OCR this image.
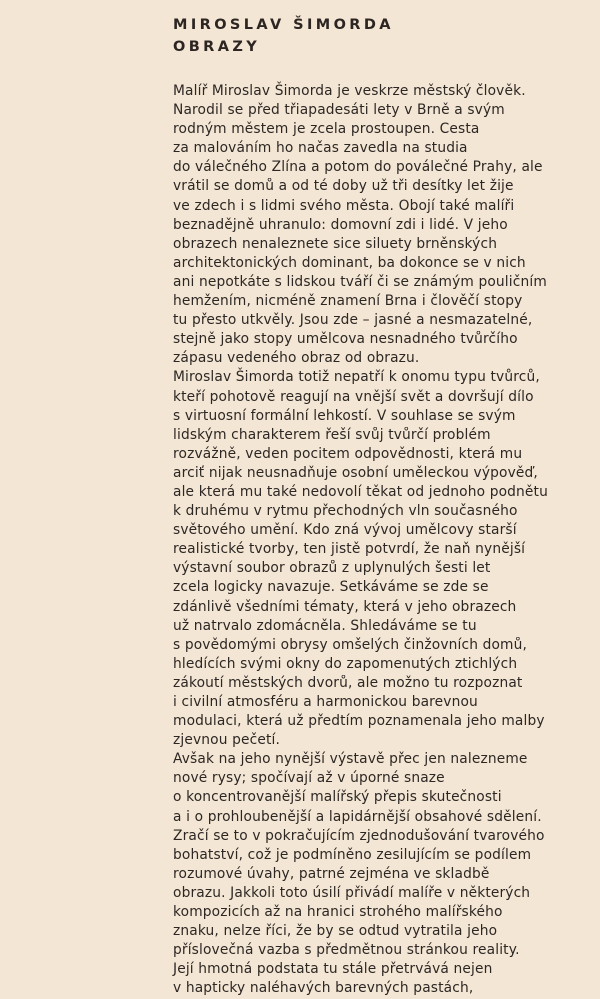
MIROSLAV ŠIMORDA
OBRAZY
Malíř Miroslav Šimorda je veskrze městský člověk.
Narodil se před třiapadesáti lety v Brně a svým
rodným městem je zcela prostoupen. Cesta
za malováním ho načas zavedla na studia
do válečného Zlína a potom do poválečné Prahy, ale
vrátil se domů a od té doby už tři desítky let žije
ve zdech i s lidmi svého města. Obojí také malíři
beznadějně uhranulo: domovní zdi i lidé. V jeho
obrazech nenaleznete sice siluety brněnských
architektonických dominant, ba dokonce se v nich
ani nepotkáte s lidskou tváří či se známým pouličním
hemžením, nicméně znamení Brna i člověčí stopy
tu přesto utkvěly. Jsou zde – jasné a nesmazatelné,
stejně jako stopy umělcova nesnadného tvůrčího
zápasu vedeného obraz od obrazu.
Miroslav Šimorda totiž nepatří k onomu typu tvůrců,
kteří pohotově reagují na vnější svět a dovršují dílo
s virtuosní formální lehkostí. V souhlase se svým
lidským charakterem řeší svůj tvůrčí problém
rozvážně, veden pocitem odpovědnosti, která mu
arciť nijak neusnadňuje osobní uměleckou výpověď,
ale která mu také nedovolí těkat od jednoho podnětu
k druhému v rytmu přechodných vln současného
světového umění. Kdo zná vývoj umělcovy starší
realistické tvorby, ten jistě potvrdí, že naň nynější
výstavní soubor obrazů z uplynulých šesti let
zcela logicky navazuje. Setkáváme se zde se
zdánlivě všedními tématy, která v jeho obrazech
už natrvalo zdomácněla. Shledáváme se tu
s povědomými obrysy omšelých činžovních domů,
hledících svými okny do zapomenutých ztichlých
zákoutí městských dvorů, ale možno tu rozpoznat
i civilní atmosféru a harmonickou barevnou
modulaci, která už předtím poznamenala jeho malby
zjevnou pečetí.
Avšak na jeho nynější výstavě přec jen nalezneme
nové rysy; spočívají až v úporné snaze
o koncentrovanější malířský přepis skutečnosti
a i o prohloubenější a lapidárnější obsahové sdělení.
Zračí se to v pokračujícím zjednodušování tvarového
bohatství, což je podmíněno zesilujícím se podílem
rozumové úvahy, patrné zejména ve skladbě
obrazu. Jakkoli toto úsilí přivádí malíře v některých
kompozicích až na hranici strohého malířského
znaku, nelze říci, že by se odtud vytratila jeho
příslovečná vazba s předmětnou stránkou reality.
Její hmotná podstata tu stále přetrvává nejen
v hapticky naléhavých barevných pastách,
